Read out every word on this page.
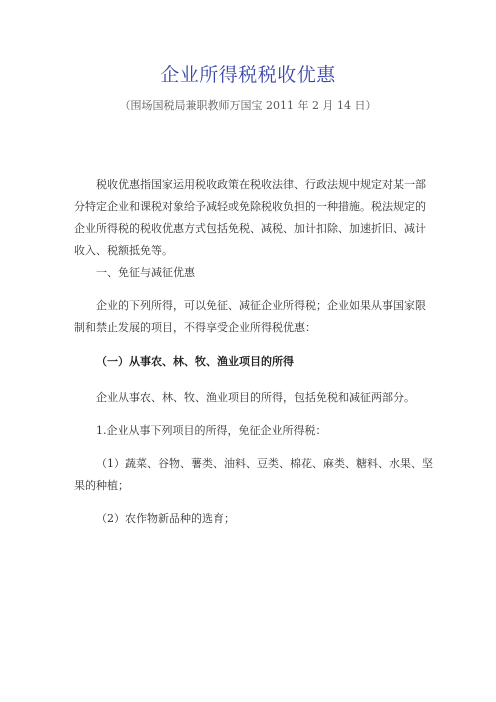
企业所得税税收优惠

（围场国税局兼职教师万国宝 2011 年 2 月 14 日）

税收优惠指国家运用税收政策在税收法律、行政法规中规定对某一部分特定企业和课税对象给予减轻或免除税收负担的一种措施。税法规定的企业所得税的税收优惠方式包括免税、减税、加计扣除、加速折旧、减计收入、税额抵免等。

一、免征与减征优惠

企业的下列所得，可以免征、减征企业所得税；企业如果从事国家限制和禁止发展的项目，不得享受企业所得税优惠：

（一）从事农、林、牧、渔业项目的所得

企业从事农、林、牧、渔业项目的所得，包括免税和减征两部分。

1.企业从事下列项目的所得，免征企业所得税：

（1）蔬菜、谷物、薯类、油料、豆类、棉花、麻类、糖料、水果、坚果的种植；

（2）农作物新品种的选育；
